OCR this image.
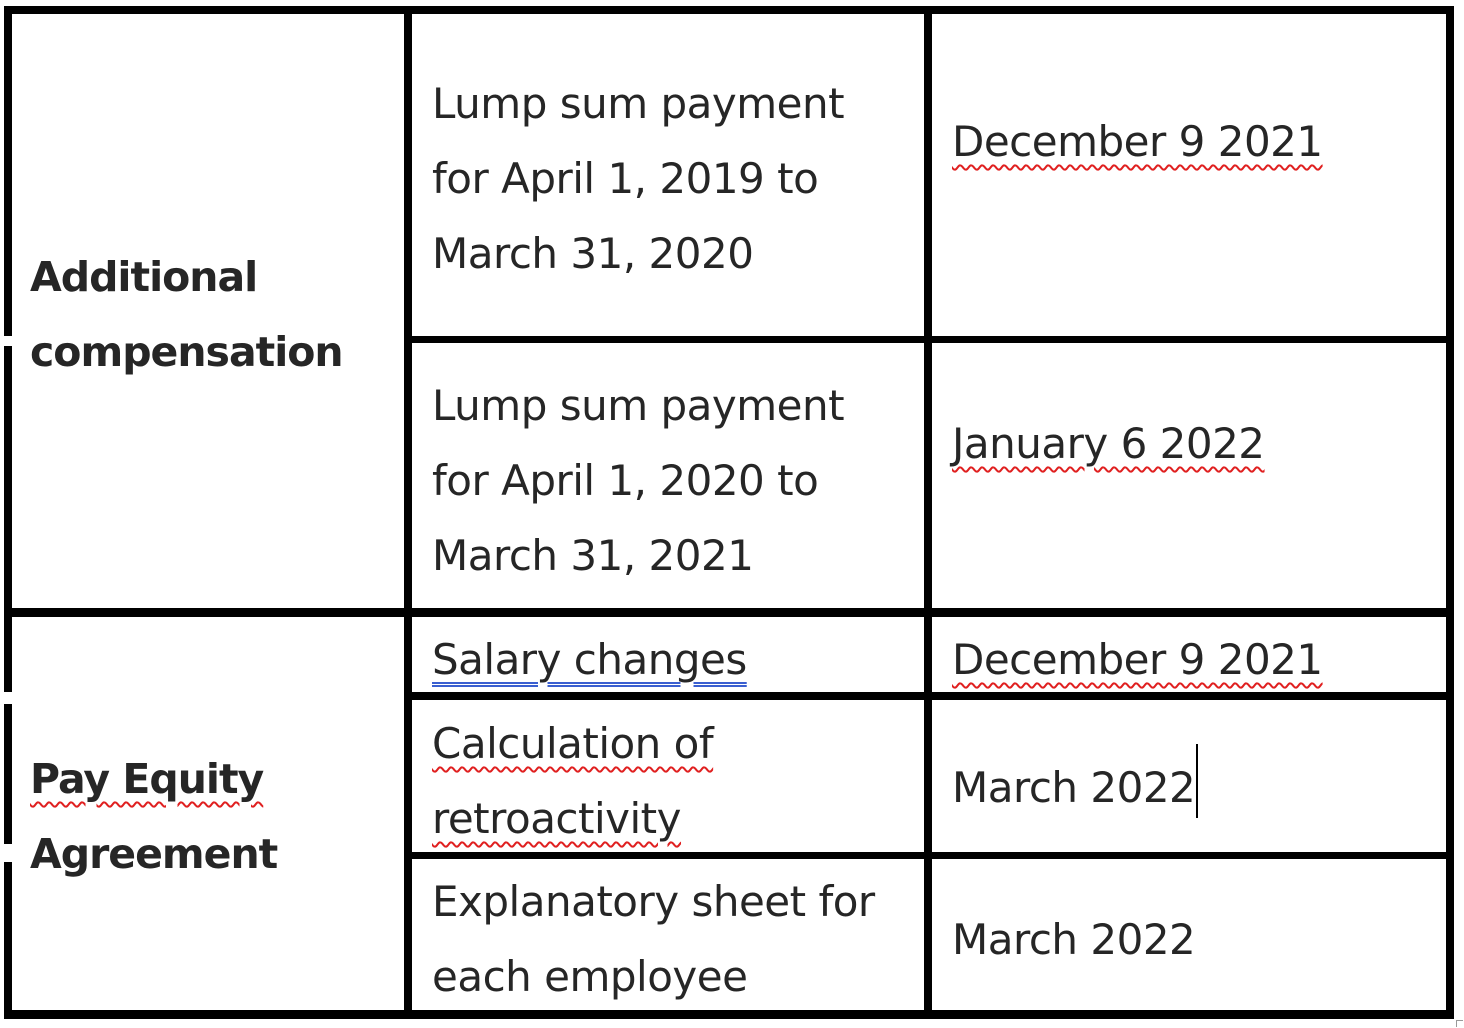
Additional
compensation
Lump sum payment
for April 1, 2019 to
March 31, 2020
December 9 2021
Lump sum payment
for April 1, 2020 to
March 31, 2021
January 6 2022
Pay Equity
Agreement
Salary changes	December 9 2021
Calculation of
retroactivity
March 2022
Explanatory sheet for
each employee
March 2022
